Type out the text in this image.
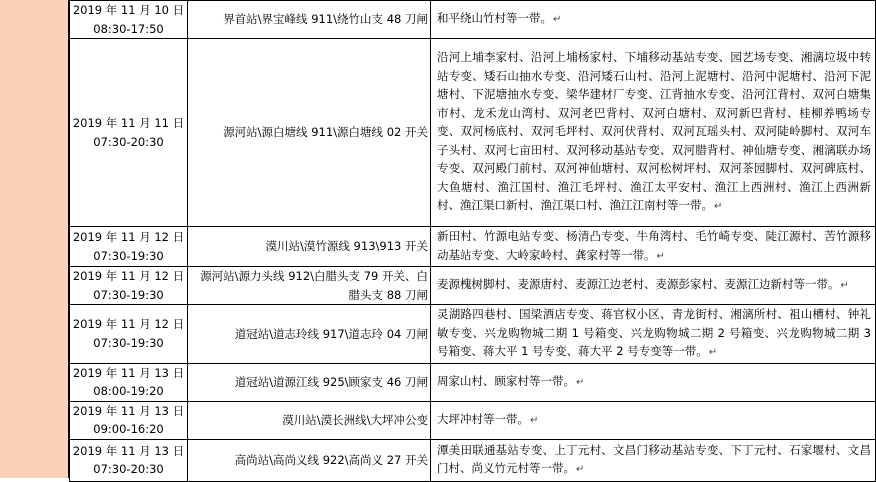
2019 年 11 月 10 日
08:30-17:50	界首站\界宝峰线 911\绕竹山支 48 刀闸	和平绕山竹村等一带。↵

2019 年 11 月 11 日
07:30-20:30	源河站\源白塘线 911\源白塘线 02 开关	沿河上埔李家村、沿河上埔杨家村、下埔移动基站专变、园艺场专变、湘漓垃圾中转站专变、矮石山抽水专变、沿河矮石山村、沿河上泥塘村、沿河中泥塘村、沿河下泥塘村、下泥塘抽水专变、梁华建材厂专变、江背抽水专变、沿河江背村、双河白塘集市村、龙禾龙山湾村、双河老巴背村、双河白塘村、双河新巴背村、桂柳养鸭场专变、双河杨底村、双河毛坪村、双河伏背村、双河瓦瑶头村、双河陡岭脚村、双河车子头村、双河七亩田村、双河移动基站专变、双河腊背村、神仙塘专变、湘漓联办场专变、双河殿门前村、双河神仙塘村、双河松树坪村、双河茶园脚村、双河碑底村、大鱼塘村、渔江国村、渔江毛坪村、渔江太平安村、渔江上西洲村、渔江上西洲新村、渔江渠口新村、渔江渠口村、渔江江南村等一带。↵

2019 年 11 月 12 日
07:30-19:30	漠川站\漠竹源线 913\913 开关	新田村、竹源电站专变、杨清凸专变、牛角湾村、毛竹崎专变、陡江源村、苦竹源移动基站专变、大岭家岭村、龚家村等一带。↵

2019 年 11 月 12 日
07:30-19:30	源河站\源力头线 912\白腊头支 79 开关、白腊头支 88 刀闸	麦源槐树脚村、麦源唐村、麦源江边老村、麦源彭家村、麦源江边新村等一带。↵

2019 年 11 月 12 日
07:30-19:30	道冠站\道志玲线 917\道志玲 04 刀闸	灵湖路四巷村、国梁酒店专变、蒋官权小区、青龙街村、湘漓所村、祖山槽村、钟礼敏专变、兴龙购物城二期 1 号箱变、兴龙购物城二期 2 号箱变、兴龙购物城二期 3 号箱变、蒋大平 1 号专变、蒋大平 2 号专变等一带。↵

2019 年 11 月 13 日
08:00-19:20	道冠站\道源江线 925\顾家支 46 刀闸	周家山村、顾家村等一带。↵

2019 年 11 月 13 日
09:00-16:20	漠川站\漠长洲线\大坪冲公变	大坪冲村等一带。↵

2019 年 11 月 13 日
07:30-20:30	高尚站\高尚义线 922\高尚义 27 开关	潭美田联通基站专变、上丁元村、文昌门移动基站专变、下丁元村、石家堰村、文昌门村、尚义竹元村等一带。↵
